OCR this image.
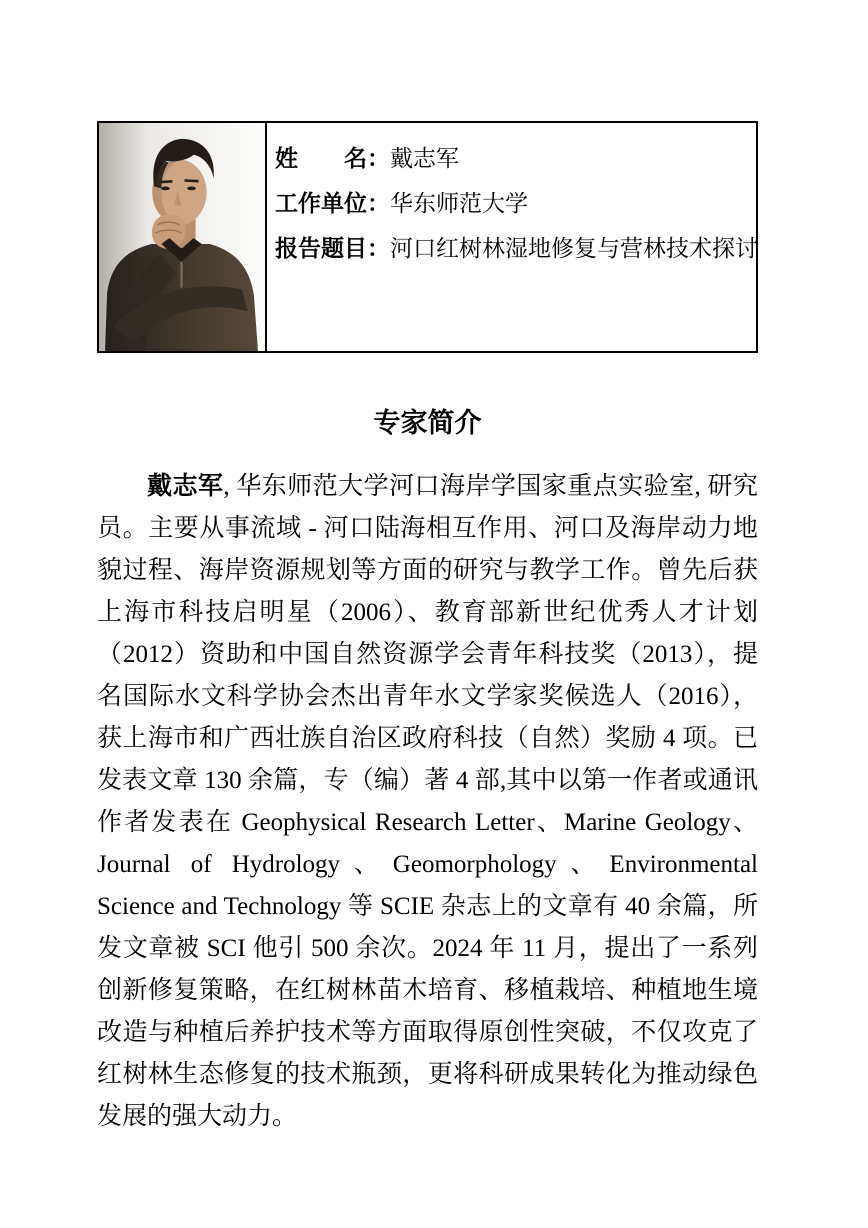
姓　　名：戴志军
工作单位：华东师范大学
报告题目：河口红树林湿地修复与营林技术探讨
专家简介

戴志军, 华东师范大学河口海岸学国家重点实验室, 研究员。主要从事流域 - 河口陆海相互作用、河口及海岸动力地貌过程、海岸资源规划等方面的研究与教学工作。曾先后获上海市科技启明星（2006）、教育部新世纪优秀人才计划（2012）资助和中国自然资源学会青年科技奖（2013），提名国际水文科学协会杰出青年水文学家奖候选人（2016），获上海市和广西壮族自治区政府科技（自然）奖励 4 项。已发表文章 130 余篇，专（编）著 4 部,其中以第一作者或通讯作者发表在 Geophysical Research Letter、Marine Geology、Journal of Hydrology、Geomorphology、Environmental Science and Technology 等 SCIE 杂志上的文章有 40 余篇，所发文章被 SCI 他引 500 余次。2024 年 11 月，提出了一系列创新修复策略，在红树林苗木培育、移植栽培、种植地生境改造与种植后养护技术等方面取得原创性突破，不仅攻克了红树林生态修复的技术瓶颈，更将科研成果转化为推动绿色发展的强大动力。
